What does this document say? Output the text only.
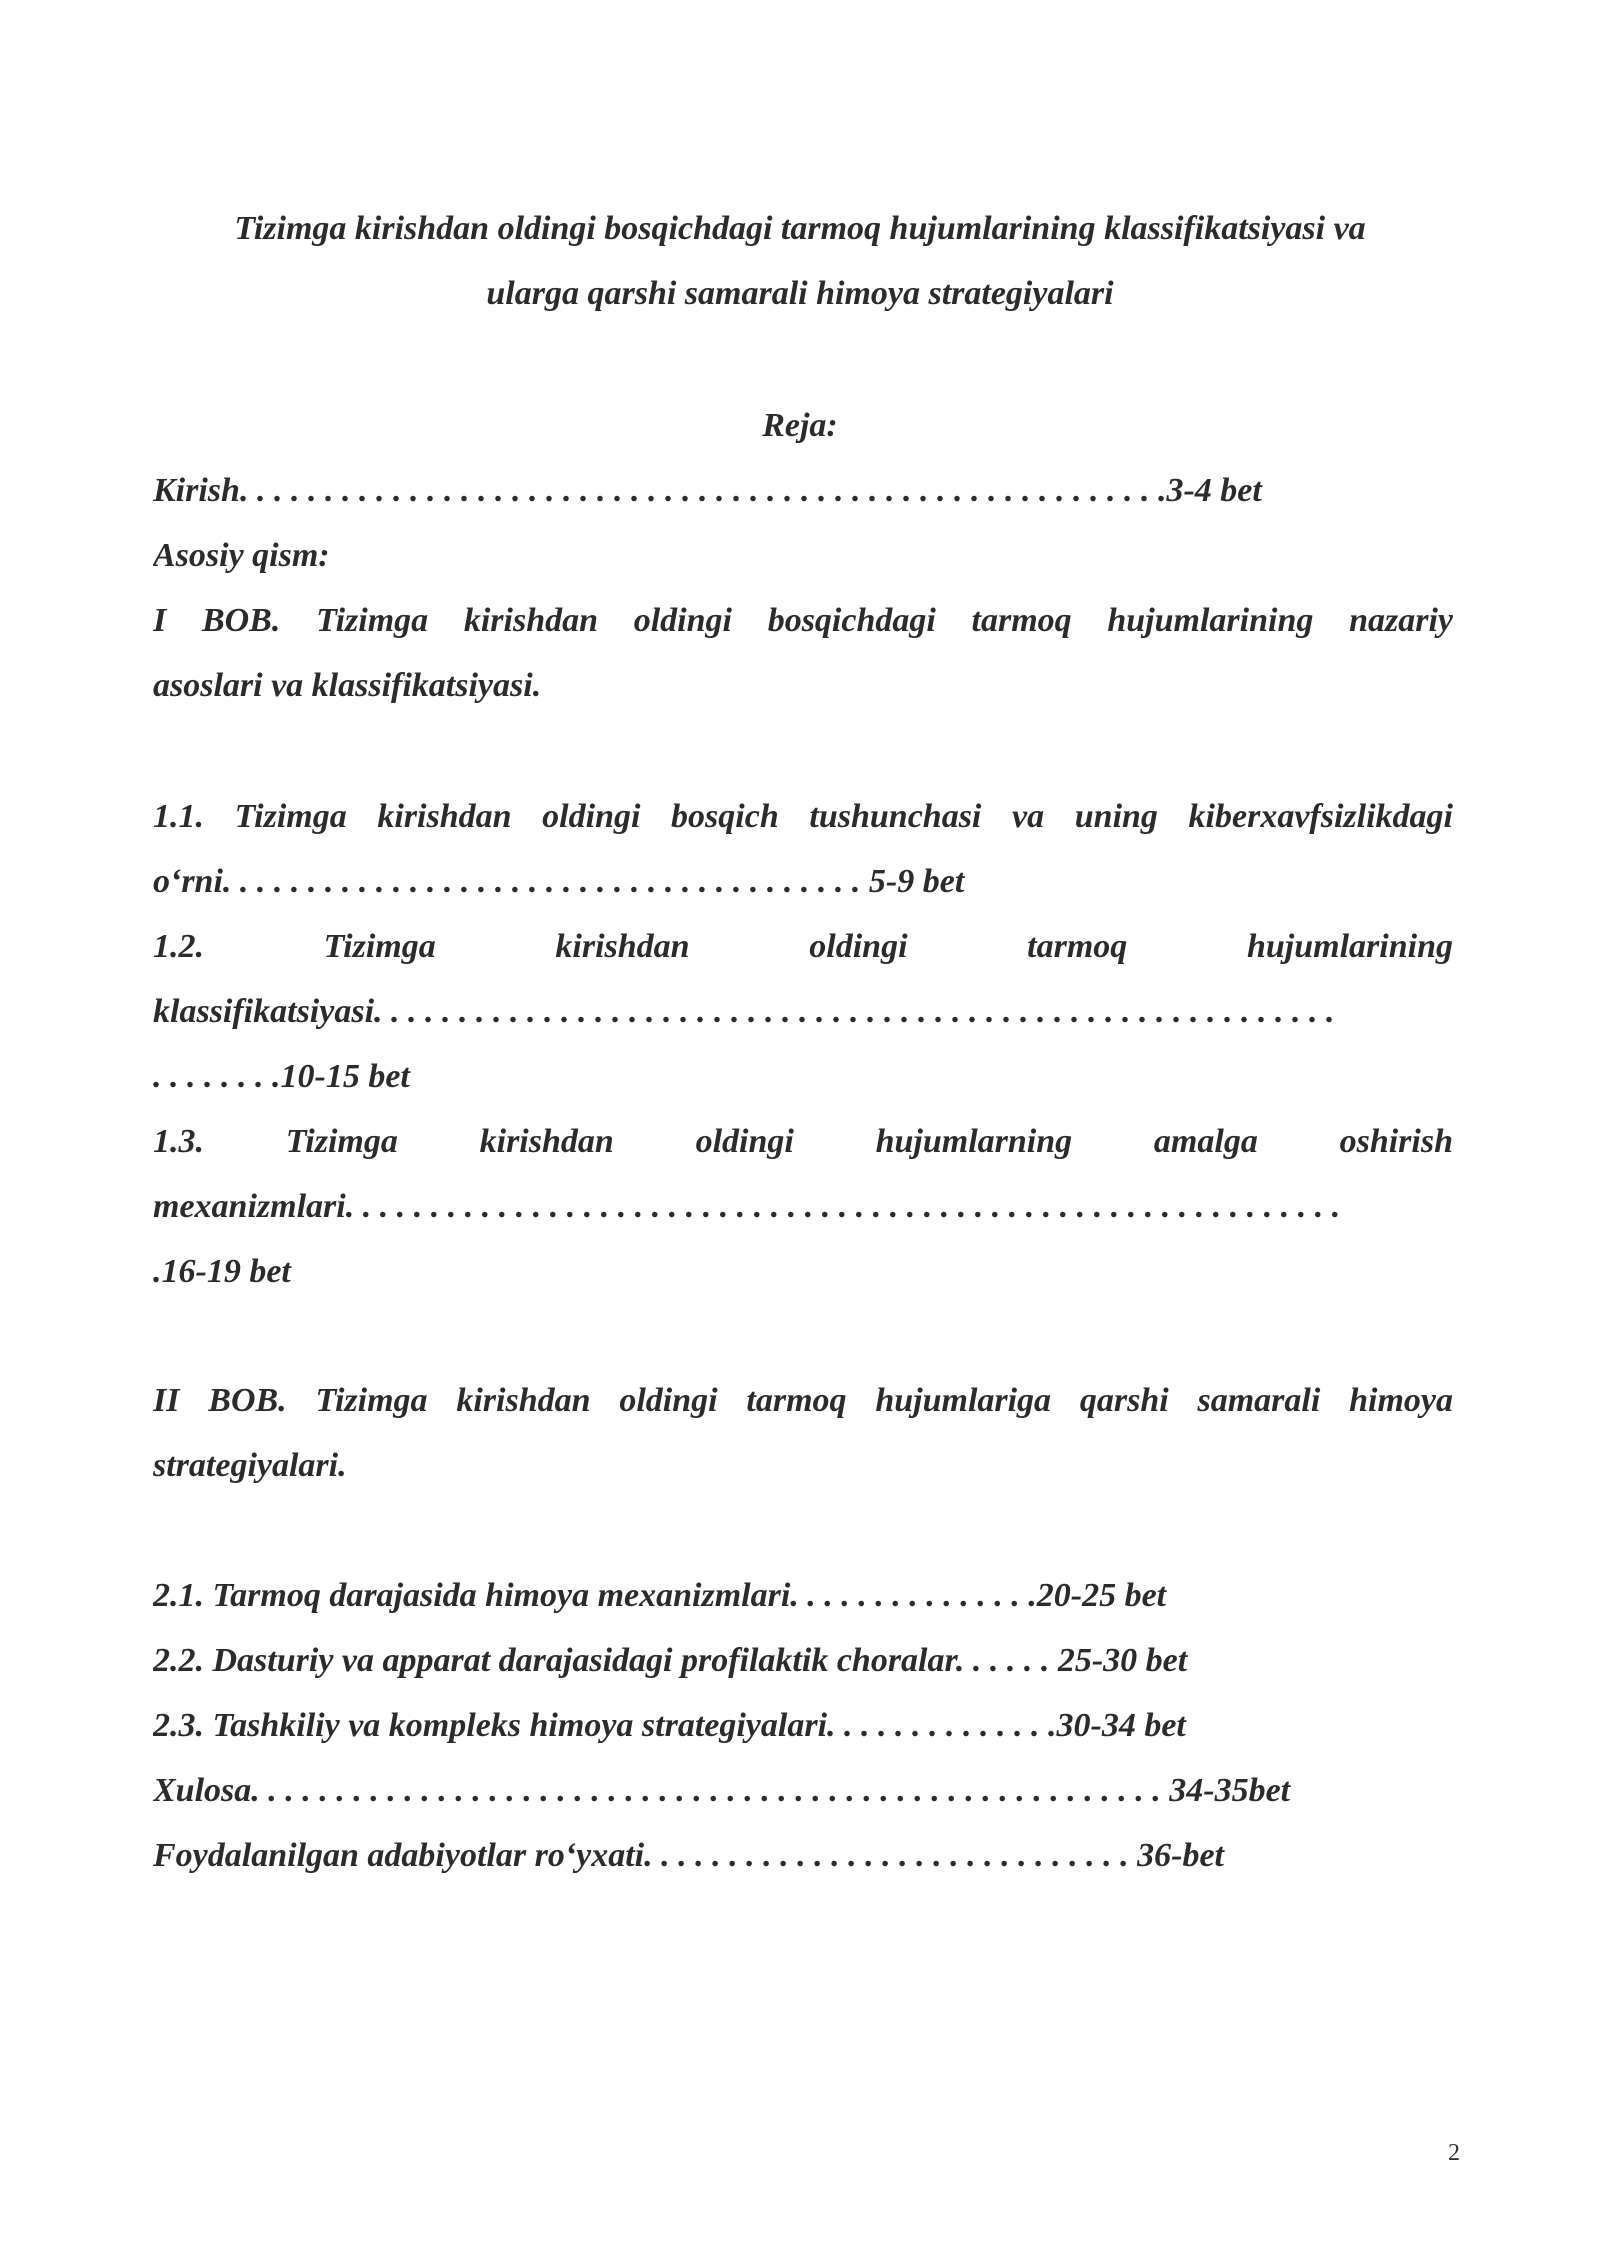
Tizimga kirishdan oldingi bosqichdagi tarmoq hujumlarining klassifikatsiyasi va
ularga qarshi samarali himoya strategiyalari
Reja:
Kirish. . . . . . . . . . . . . . . . . . . . . . . . . . . . . . . . . . . . . . . . . . . . . . . . . . . . . . .3-4 bet
Asosiy qism:
I BOB. Tizimga kirishdan oldingi bosqichdagi tarmoq hujumlarining nazariy
asoslari va klassifikatsiyasi.
1.1. Tizimga kirishdan oldingi bosqich tushunchasi va uning kiberxavfsizlikdagi
o‘rni. . . . . . . . . . . . . . . . . . . . . . . . . . . . . . . . . . . . . . 5-9 bet
1.2. Tizimga kirishdan oldingi tarmoq hujumlarining
klassifikatsiyasi. . . . . . . . . . . . . . . . . . . . . . . . . . . . . . . . . . . . . . . . . . . . . . . . . . . . . . . . .
. . . . . . . .10-15 bet
1.3. Tizimga kirishdan oldingi hujumlarning amalga oshirish
mexanizmlari. . . . . . . . . . . . . . . . . . . . . . . . . . . . . . . . . . . . . . . . . . . . . . . . . . . . . . . . . . .
.16-19 bet
II BOB. Tizimga kirishdan oldingi tarmoq hujumlariga qarshi samarali himoya
strategiyalari.
2.1. Tarmoq darajasida himoya mexanizmlari. . . . . . . . . . . . . . .20-25 bet
2.2. Dasturiy va apparat darajasidagi profilaktik choralar. . . . . . 25-30 bet
2.3. Tashkiliy va kompleks himoya strategiyalari. . . . . . . . . . . . . .30-34 bet
Xulosa. . . . . . . . . . . . . . . . . . . . . . . . . . . . . . . . . . . . . . . . . . . . . . . . . . . . . . 34-35bet
Foydalanilgan adabiyotlar ro‘yxati. . . . . . . . . . . . . . . . . . . . . . . . . . . . . 36-bet
2
